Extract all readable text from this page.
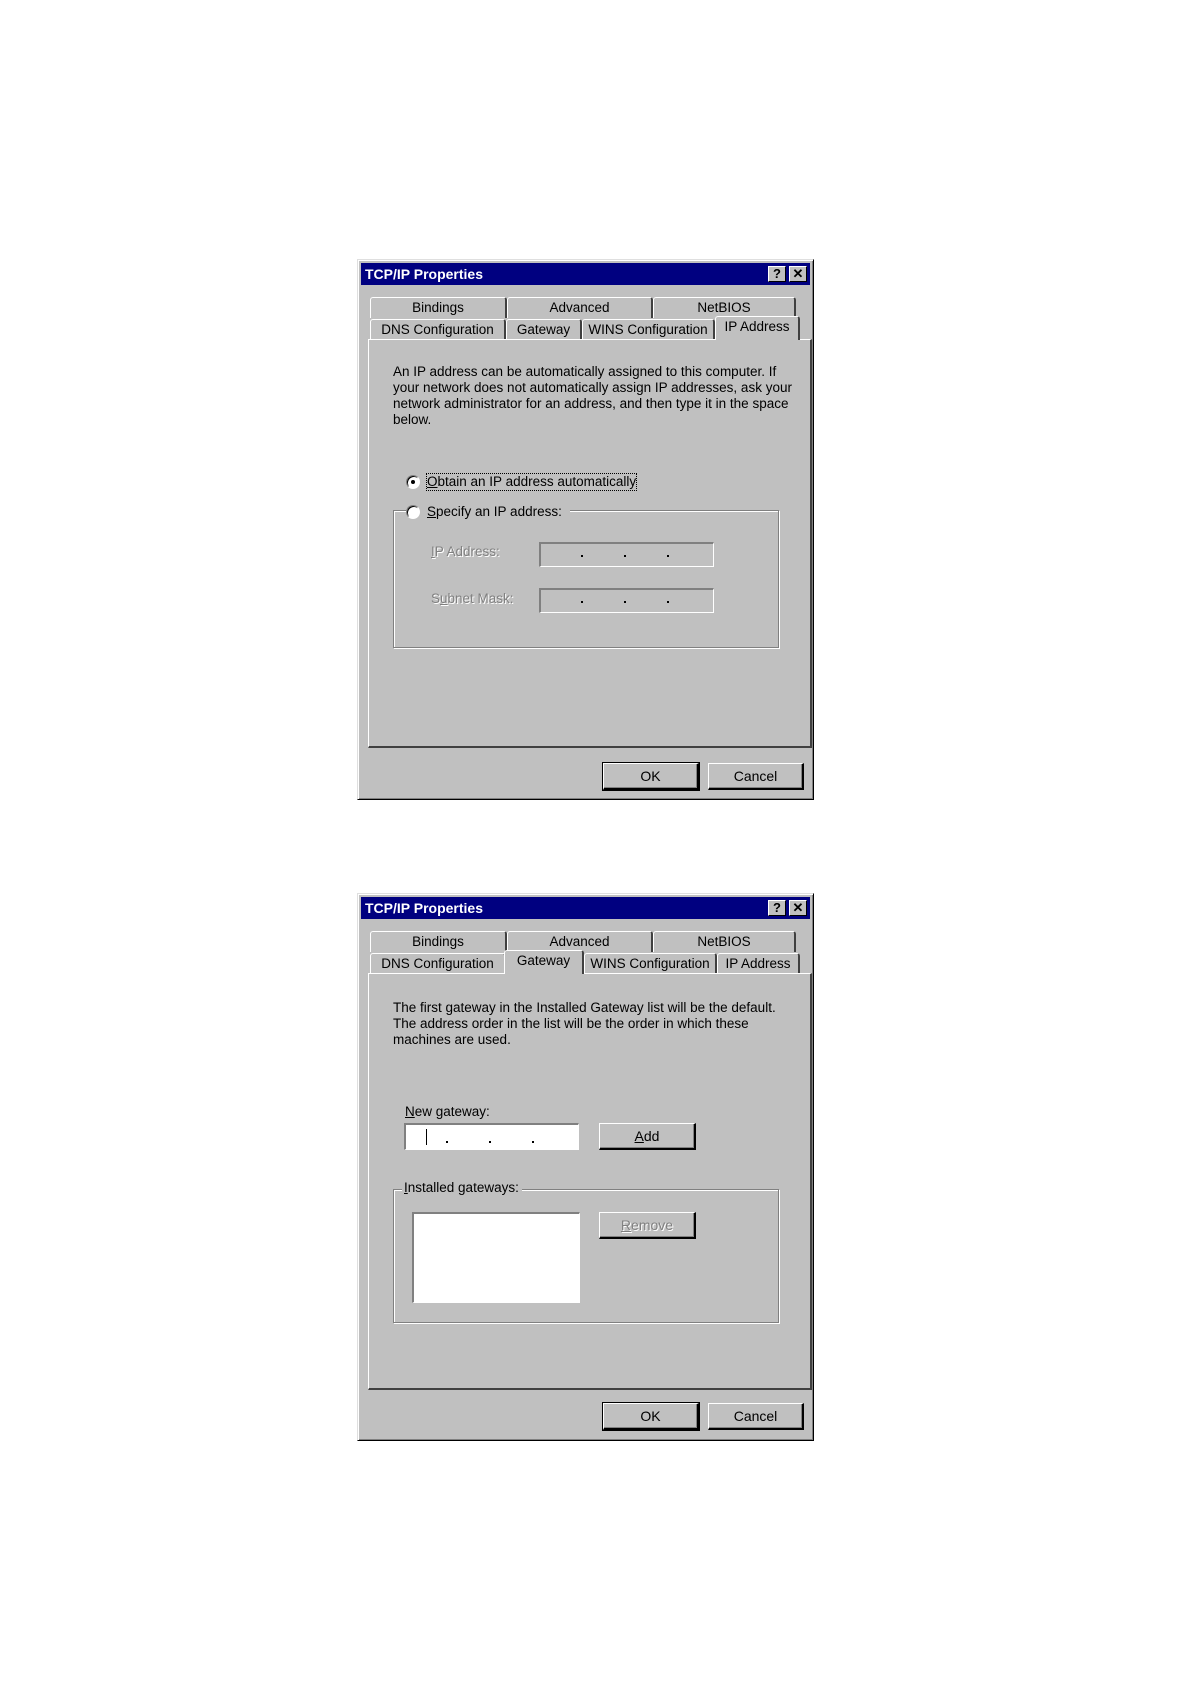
TCP/IP Properties	? ✕
Bindings	Advanced	NetBIOS
DNS Configuration	Gateway	WINS Configuration	IP Address
An IP address can be automatically assigned to this computer. If your network does not automatically assign IP addresses, ask your network administrator for an address, and then type it in the space below.
Obtain an IP address automatically
IP Address:
Subnet Mask:
Specify an IP address:
OK	Cancel
TCP/IP Properties	? ✕
Bindings	Advanced	NetBIOS
DNS Configuration	Gateway	WINS Configuration	IP Address
The first gateway in the Installed Gateway list will be the default. The address order in the list will be the order in which these machines are used.
New gateway:
Add
Remove
Installed gateways:
OK	Cancel
